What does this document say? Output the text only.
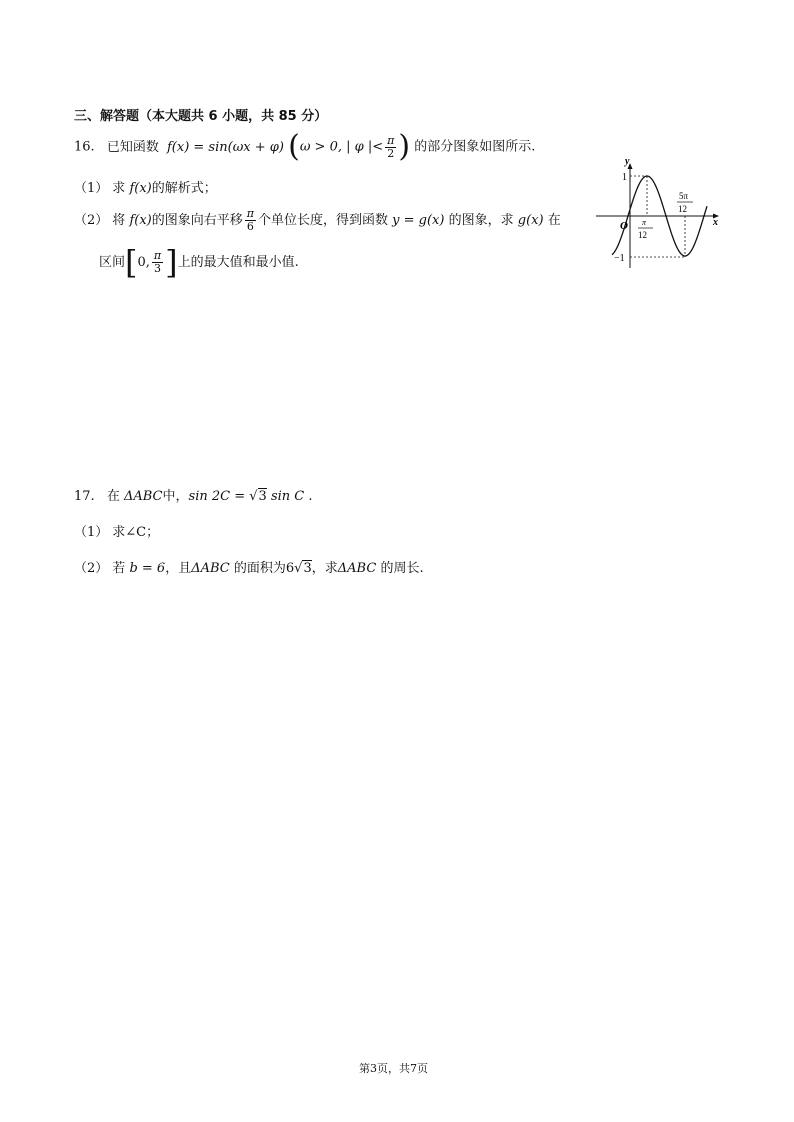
三、解答题（本大题共 6 小题，共 85 分）
16. 已知函数 f(x) = sin(ωx + φ) (ω > 0, | φ |< $\frac{\pi}{2}$ ) 的部分图象如图所示.
（1） 求 f(x)的解析式；
（2） 将 f(x)的图象向右平移 $\frac{\pi}{6}$ 个单位长度，得到函数 y = g(x) 的图象，求 g(x) 在
区间[0, $\frac{\pi}{3}$ ]上的最大值和最小值.
y
x
O
1
−1
π
12
5π
12
17. 在 ΔABC中，sin 2C = √3 sin C .
（1） 求∠C；
（2） 若 b = 6，且ΔABC 的面积为6√3，求ΔABC 的周长.
第3页，共7页
